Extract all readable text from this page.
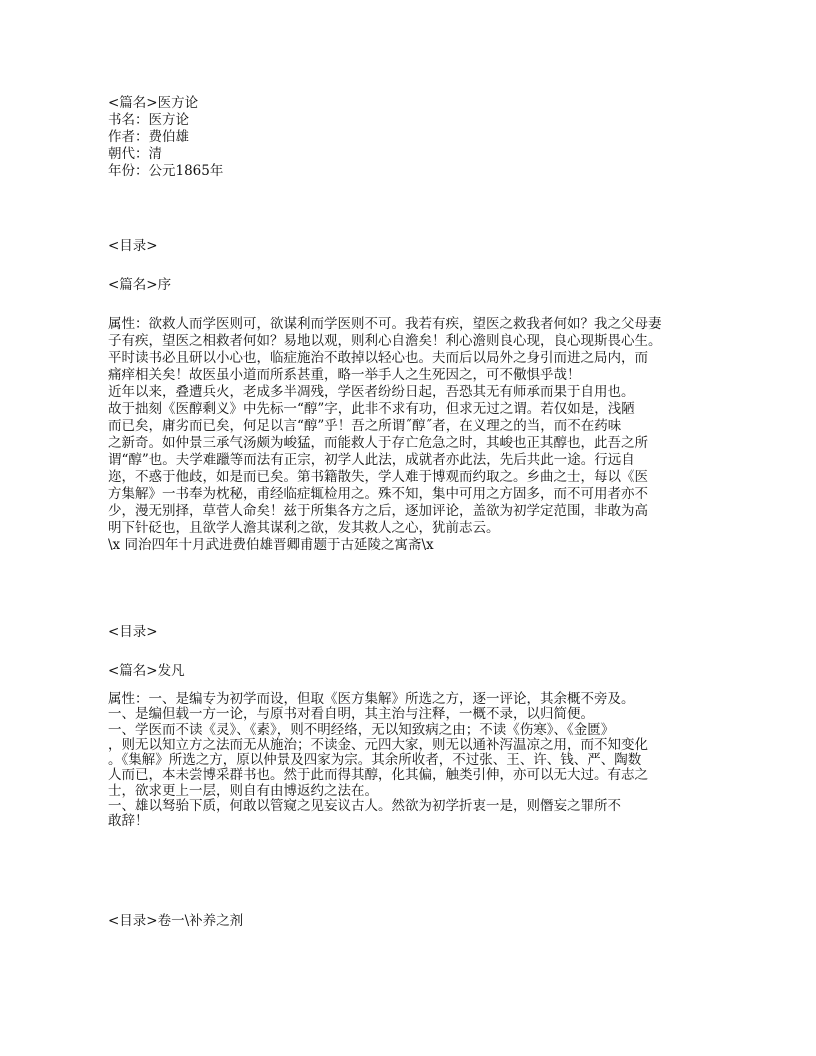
<篇名>医方论
书名：医方论
作者：费伯雄
朝代：清
年份：公元1865年
<目录>
<篇名>序
属性：欲救人而学医则可，欲谋利而学医则不可。我若有疾，望医之救我者何如？我之父母妻
子有疾，望医之相救者何如？易地以观，则利心自澹矣！利心澹则良心现，良心现斯畏心生。
平时读书必且研以小心也，临症施治不敢掉以轻心也。夫而后以局外之身引而进之局内，而
痛痒相关矣！故医虽小道而所系甚重，略一举手人之生死因之，可不儆惧乎哉！
近年以来，叠遭兵火，老成多半凋残，学医者纷纷日起，吾恐其无有师承而果于自用也。
故于拙刻《医醇剩义》中先标一“醇”字，此非不求有功，但求无过之谓。若仅如是，浅陋
而已矣，庸劣而已矣，何足以言“醇”乎！吾之所谓˝醇˝者，在义理之的当，而不在药味
之新奇。如仲景三承气汤颇为峻猛，而能救人于存亡危急之时，其峻也正其醇也，此吾之所
谓“醇”也。夫学难躐等而法有正宗，初学人此法，成就者亦此法，先后共此一途。行远自
迩，不惑于他歧，如是而已矣。第书籍散失，学人难于博观而约取之。乡曲之士，每以《医
方集解》一书奉为枕秘，甫经临症辄检用之。殊不知，集中可用之方固多，而不可用者亦不
少，漫无别择，草菅人命矣！兹于所集各方之后，逐加评论，盖欲为初学定范围，非敢为高
明下针砭也，且欲学人澹其谋利之欲，发其救人之心，犹前志云。
\x 同治四年十月武进费伯雄晋卿甫题于古延陵之寓斋\x
<目录>
<篇名>发凡
属性：一、是编专为初学而设，但取《医方集解》所选之方，逐一评论，其余概不旁及。
一、是编但载一方一论，与原书对看自明，其主治与注释，一概不录，以归简便。
一、学医而不读《灵》、《素》，则不明经络，无以知致病之由；不读《伤寒》、《金匮》
，则无以知立方之法而无从施治；不读金、元四大家，则无以通补泻温凉之用，而不知变化
。《集解》所选之方，原以仲景及四家为宗。其余所收者，不过张、王、许、钱、严、陶数
人而已，本未尝博采群书也。然于此而得其醇，化其偏，触类引伸，亦可以无大过。有志之
士，欲求更上一层，则自有由博返约之法在。
一、雄以驽骀下质，何敢以管窥之见妄议古人。然欲为初学折衷一是，则僭妄之罪所不
敢辞！
<目录>卷一\补养之剂
